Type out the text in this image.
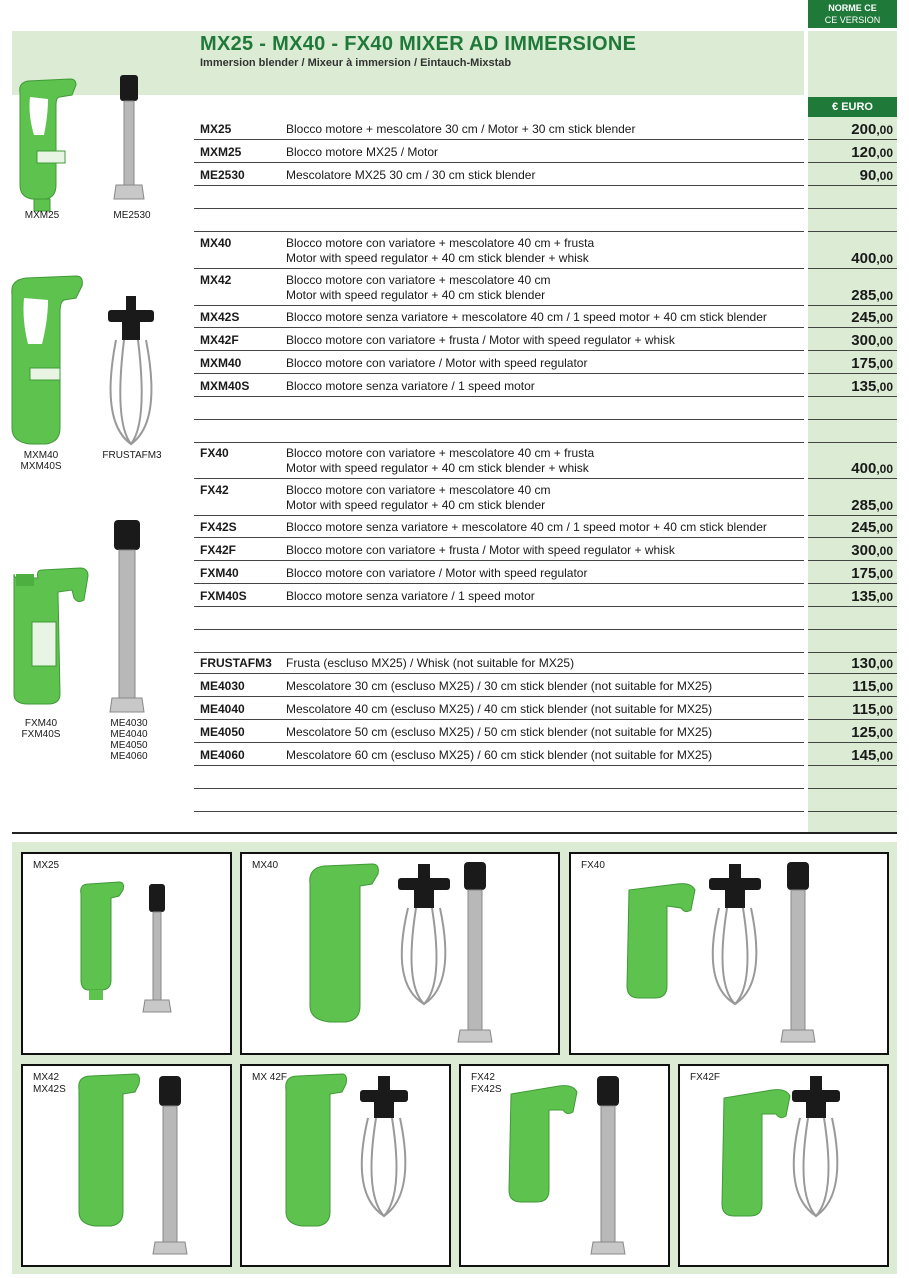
NORME CE
CE VERSION
MX25 - MX40 - FX40 MIXER AD IMMERSIONE
Immersion blender / Mixeur à immersion / Eintauch-Mixstab
€ EURO
MX25	Blocco motore + mescolatore 30 cm / Motor + 30 cm stick blender	200,00
MXM25	Blocco motore MX25 / Motor	120,00
ME2530	Mescolatore MX25 30 cm / 30 cm stick blender	90,00
MX40	Blocco motore con variatore + mescolatore 40 cm + frusta
Motor with speed regulator + 40 cm stick blender + whisk	400,00
MX42	Blocco motore con variatore + mescolatore 40 cm
Motor with speed regulator + 40 cm stick blender	285,00
MX42S	Blocco motore senza variatore + mescolatore 40 cm / 1 speed motor + 40 cm stick blender	245,00
MX42F	Blocco motore con variatore + frusta / Motor with speed regulator + whisk	300,00
MXM40	Blocco motore con variatore / Motor with speed regulator	175,00
MXM40S	Blocco motore senza variatore / 1 speed motor	135,00
FX40	Blocco motore con variatore + mescolatore 40 cm + frusta
Motor with speed regulator + 40 cm stick blender + whisk	400,00
FX42	Blocco motore con variatore + mescolatore 40 cm
Motor with speed regulator + 40 cm stick blender	285,00
FX42S	Blocco motore senza variatore + mescolatore 40 cm / 1 speed motor + 40 cm stick blender	245,00
FX42F	Blocco motore con variatore + frusta / Motor with speed regulator + whisk	300,00
FXM40	Blocco motore con variatore / Motor with speed regulator	175,00
FXM40S	Blocco motore senza variatore / 1 speed motor	135,00
FRUSTAFM3 Frusta (escluso MX25) / Whisk (not suitable for MX25)	130,00
ME4030	Mescolatore 30 cm (escluso MX25) / 30 cm stick blender (not suitable for MX25)	115,00
ME4040	Mescolatore 40 cm (escluso MX25) / 40 cm stick blender (not suitable for MX25)	115,00
ME4050	Mescolatore 50 cm (escluso MX25) / 50 cm stick blender (not suitable for MX25)	125,00
ME4060	Mescolatore 60 cm (escluso MX25) / 60 cm stick blender (not suitable for MX25)	145,00
MXM25	ME2530
MXM40
MXM40S
FRUSTAFM3
FXM40
FXM40S
ME4030
ME4040
ME4050
ME4060
MX25	MX40	FX40
MX42
MX42S
MX 42F	FX42
FX42S
FX42F
